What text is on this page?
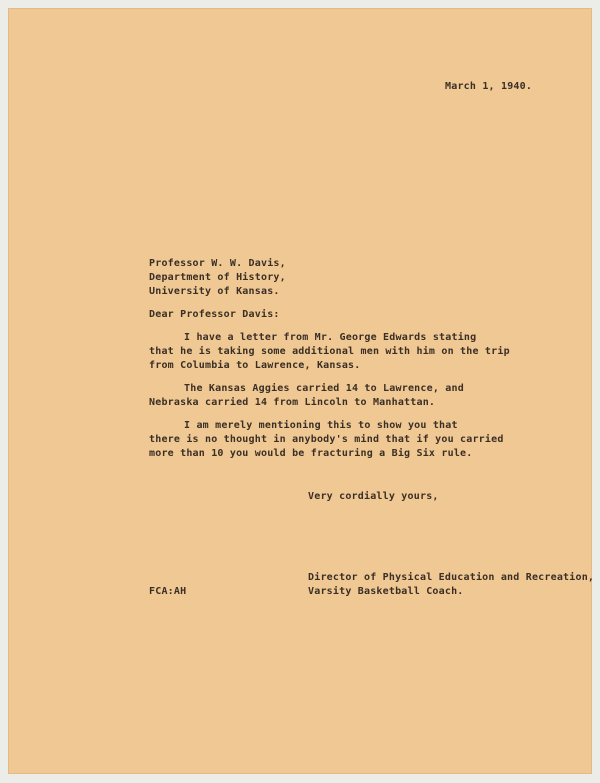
March 1, 1940.
Professor W. W. Davis,
Department of History,
University of Kansas.
Dear Professor Davis:
I have a letter from Mr. George Edwards stating
that he is taking some additional men with him on the trip
from Columbia to Lawrence, Kansas.
The Kansas Aggies carried 14 to Lawrence, and
Nebraska carried 14 from Lincoln to Manhattan.
I am merely mentioning this to show you that
there is no thought in anybody's mind that if you carried
more than 10 you would be fracturing a Big Six rule.
Very cordially yours,
Director of Physical Education and Recreation,
Varsity Basketball Coach.
FCA:AH
